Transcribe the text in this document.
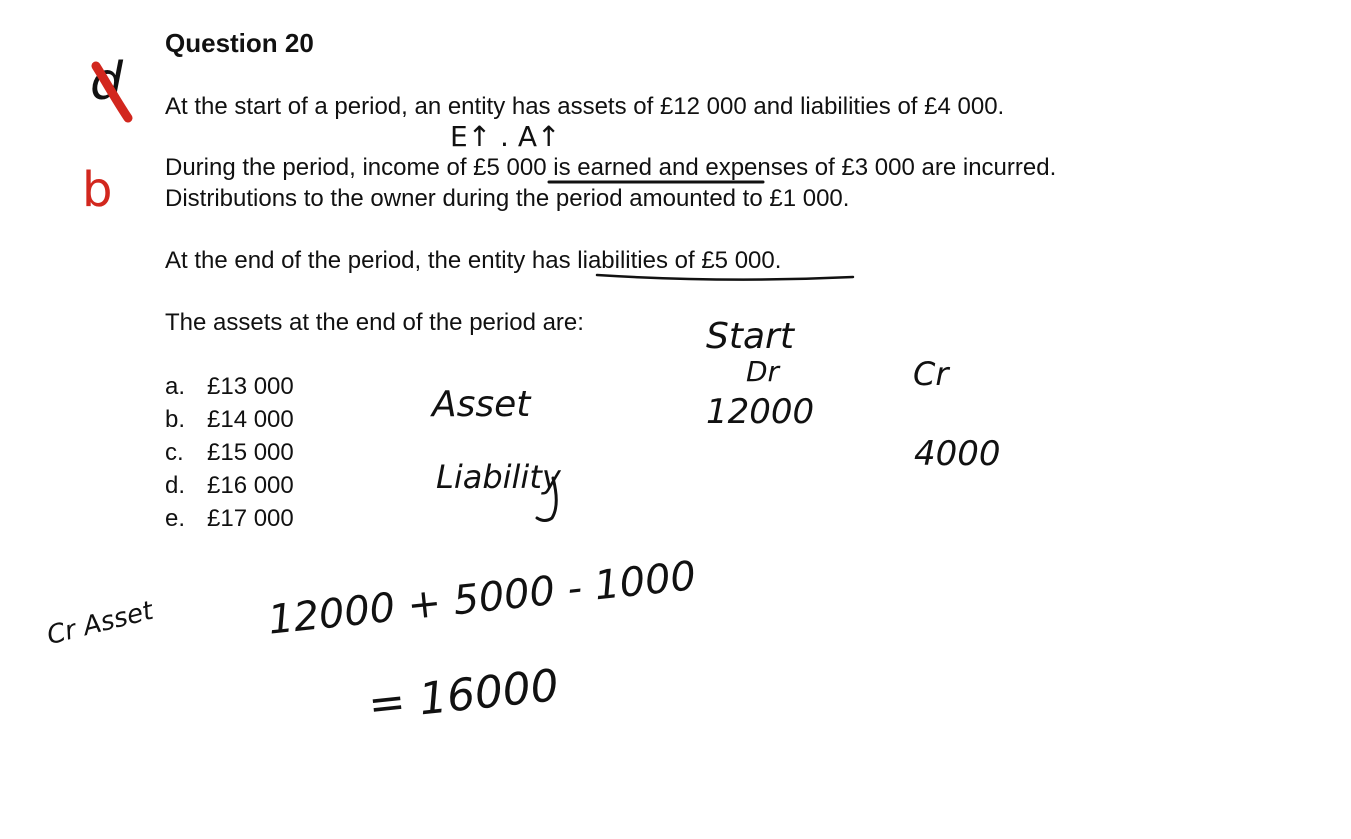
Question 20
At the start of a period, an entity has assets of £12 000 and liabilities of £4 000.
During the period, income of £5 000 is earned and expenses of £3 000 are incurred.
Distributions to the owner during the period amounted to £1 000.
At the end of the period, the entity has liabilities of £5 000.
The assets at the end of the period are:
a. £13 000
b. £14 000
c. £15 000
d. £16 000
e. £17 000
d
b
E↑ . A↑
Asset
Liability
Start
Dr
12000
Cr
4000
Cr Asset	12000 + 5000 - 1000
= 16000
